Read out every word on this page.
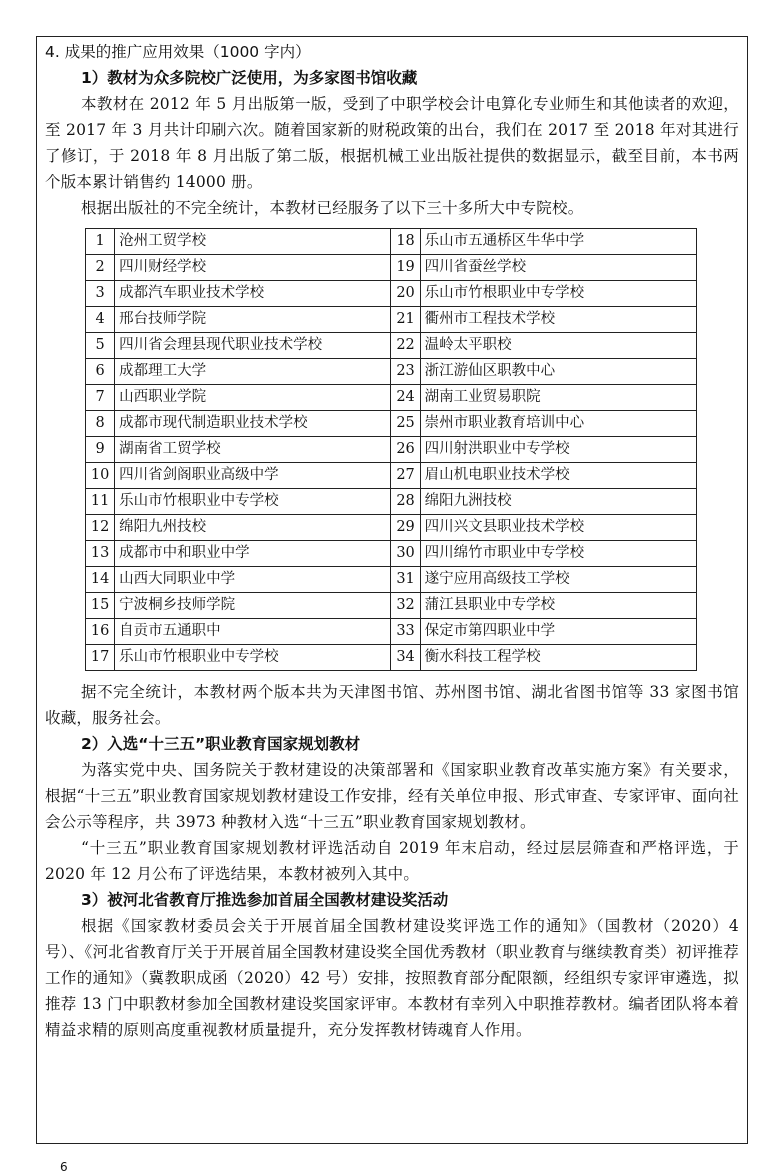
4. 成果的推广应用效果（1000 字内）
1）教材为众多院校广泛使用，为多家图书馆收藏

本教材在 2012 年 5 月出版第一版，受到了中职学校会计电算化专业师生和其他读者的欢迎，至 2017 年 3 月共计印刷六次。随着国家新的财税政策的出台，我们在 2017 至 2018 年对其进行了修订，于 2018 年 8 月出版了第二版，根据机械工业出版社提供的数据显示，截至目前，本书两个版本累计销售约 14000 册。

根据出版社的不完全统计，本教材已经服务了以下三十多所大中专院校。

1	沧州工贸学校	18	乐山市五通桥区牛华中学
2	四川财经学校	19	四川省蚕丝学校
3	成都汽车职业技术学校	20	乐山市竹根职业中专学校
4	邢台技师学院	21	衢州市工程技术学校
5	四川省会理县现代职业技术学校	22	温岭太平职校
6	成都理工大学	23	浙江游仙区职教中心
7	山西职业学院	24	湖南工业贸易职院
8	成都市现代制造职业技术学校	25	崇州市职业教育培训中心
9	湖南省工贸学校	26	四川射洪职业中专学校
10	四川省剑阁职业高级中学	27	眉山机电职业技术学校
11	乐山市竹根职业中专学校	28	绵阳九洲技校
12	绵阳九州技校	29	四川兴文县职业技术学校
13	成都市中和职业中学	30	四川绵竹市职业中专学校
14	山西大同职业中学	31	遂宁应用高级技工学校
15	宁波桐乡技师学院	32	蒲江县职业中专学校
16	自贡市五通职中	33	保定市第四职业中学
17	乐山市竹根职业中专学校	34	衡水科技工程学校

据不完全统计，本教材两个版本共为天津图书馆、苏州图书馆、湖北省图书馆等 33 家图书馆收藏，服务社会。

2）入选“十三五”职业教育国家规划教材

为落实党中央、国务院关于教材建设的决策部署和《国家职业教育改革实施方案》有关要求，根据“十三五”职业教育国家规划教材建设工作安排，经有关单位申报、形式审查、专家评审、面向社会公示等程序，共 3973 种教材入选“十三五”职业教育国家规划教材。

“十三五”职业教育国家规划教材评选活动自 2019 年末启动，经过层层筛查和严格评选，于 2020 年 12 月公布了评选结果，本教材被列入其中。

3）被河北省教育厅推选参加首届全国教材建设奖活动

根据《国家教材委员会关于开展首届全国教材建设奖评选工作的通知》（国教材（2020）4 号）、《河北省教育厅关于开展首届全国教材建设奖全国优秀教材（职业教育与继续教育类）初评推荐工作的通知》（冀教职成函（2020）42 号）安排，按照教育部分配限额，经组织专家评审遴选，拟推荐 13 门中职教材参加全国教材建设奖国家评审。本教材有幸列入中职推荐教材。编者团队将本着精益求精的原则高度重视教材质量提升，充分发挥教材铸魂育人作用。

6
